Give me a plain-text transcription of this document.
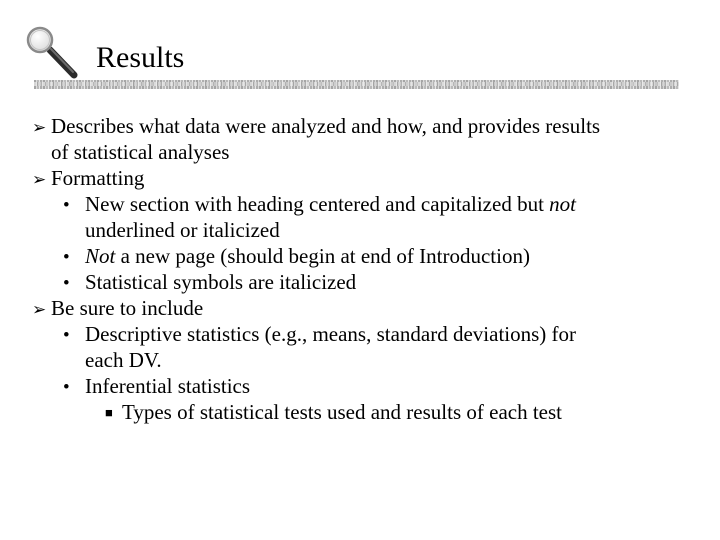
Results
➢ Describes what data were analyzed and how, and provides results
of statistical analyses
➢ Formatting
• New section with heading centered and capitalized but not
underlined or italicized
• Not a new page (should begin at end of Introduction)
• Statistical symbols are italicized
➢ Be sure to include
• Descriptive statistics (e.g., means, standard deviations) for
each DV.
• Inferential statistics
■ Types of statistical tests used and results of each test
